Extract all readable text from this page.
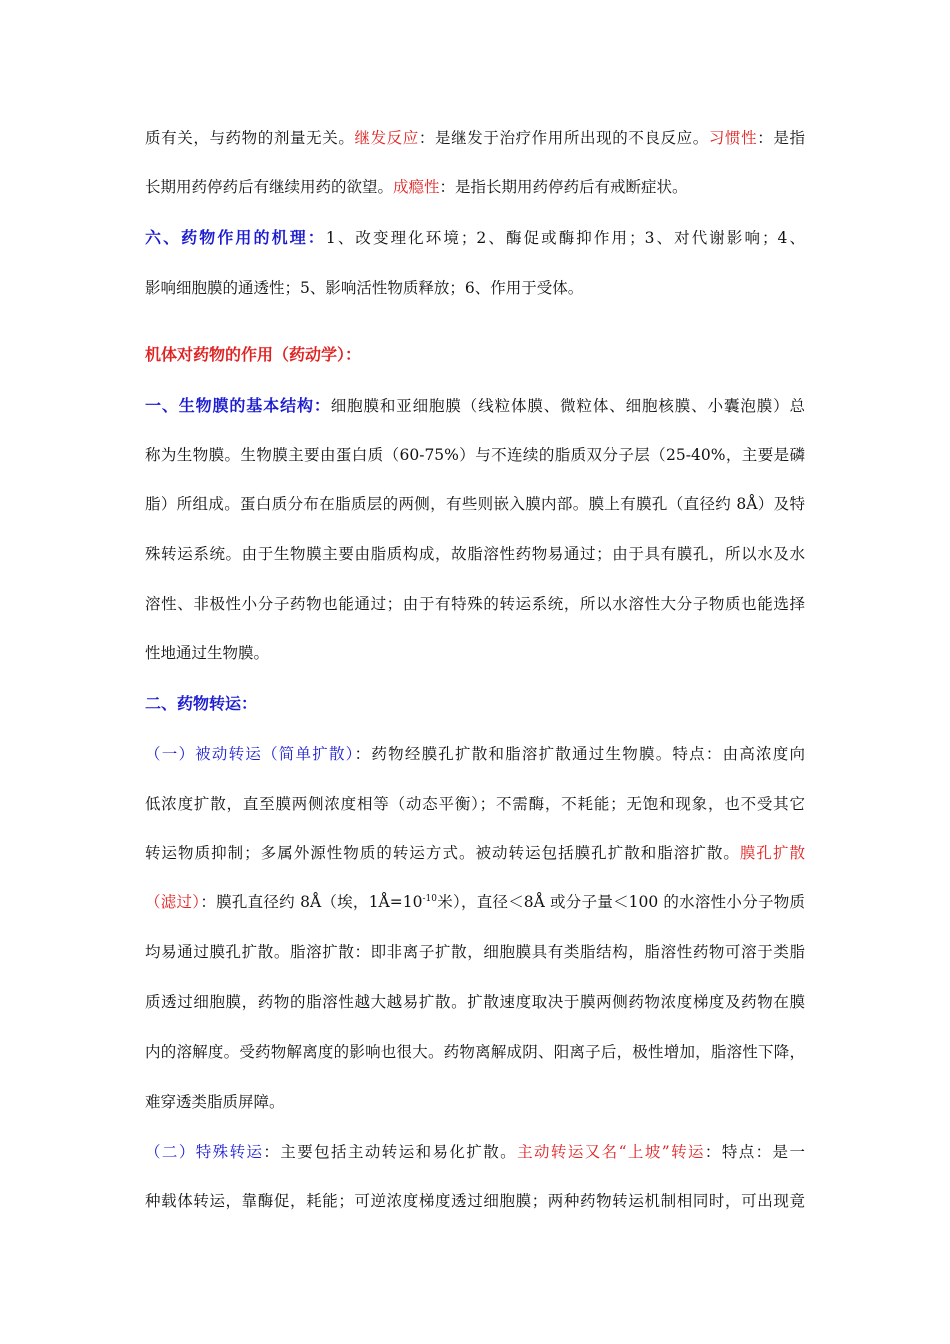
质有关，与药物的剂量无关。继发反应：是继发于治疗作用所出现的不良反应。习惯性：是指
长期用药停药后有继续用药的欲望。成瘾性：是指长期用药停药后有戒断症状。
六、药物作用的机理：1、改变理化环境；2、酶促或酶抑作用；3、对代谢影响；4、
影响细胞膜的通透性；5、影响活性物质释放；6、作用于受体。
机体对药物的作用（药动学）：
一、生物膜的基本结构：细胞膜和亚细胞膜（线粒体膜、微粒体、细胞核膜、小囊泡膜）总
称为生物膜。生物膜主要由蛋白质（60-75%）与不连续的脂质双分子层（25-40%，主要是磷
脂）所组成。蛋白质分布在脂质层的两侧，有些则嵌入膜内部。膜上有膜孔（直径约 8Å）及特
殊转运系统。由于生物膜主要由脂质构成，故脂溶性药物易通过；由于具有膜孔，所以水及水
溶性、非极性小分子药物也能通过；由于有特殊的转运系统，所以水溶性大分子物质也能选择
性地通过生物膜。
二、药物转运：
（一）被动转运（简单扩散）：药物经膜孔扩散和脂溶扩散通过生物膜。特点：由高浓度向
低浓度扩散，直至膜两侧浓度相等（动态平衡）；不需酶，不耗能；无饱和现象，也不受其它
转运物质抑制；多属外源性物质的转运方式。被动转运包括膜孔扩散和脂溶扩散。膜孔扩散
（滤过）：膜孔直径约 8Å（埃，$1Å=10^{-10}$米），直径＜8Å 或分子量＜100 的水溶性小分子物质
均易通过膜孔扩散。脂溶扩散：即非离子扩散，细胞膜具有类脂结构，脂溶性药物可溶于类脂
质透过细胞膜，药物的脂溶性越大越易扩散。扩散速度取决于膜两侧药物浓度梯度及药物在膜
内的溶解度。受药物解离度的影响也很大。药物离解成阴、阳离子后，极性增加，脂溶性下降，
难穿透类脂质屏障。
（二）特殊转运：主要包括主动转运和易化扩散。主动转运又名“上坡”转运：特点：是一
种载体转运，靠酶促，耗能；可逆浓度梯度透过细胞膜；两种药物转运机制相同时，可出现竟
